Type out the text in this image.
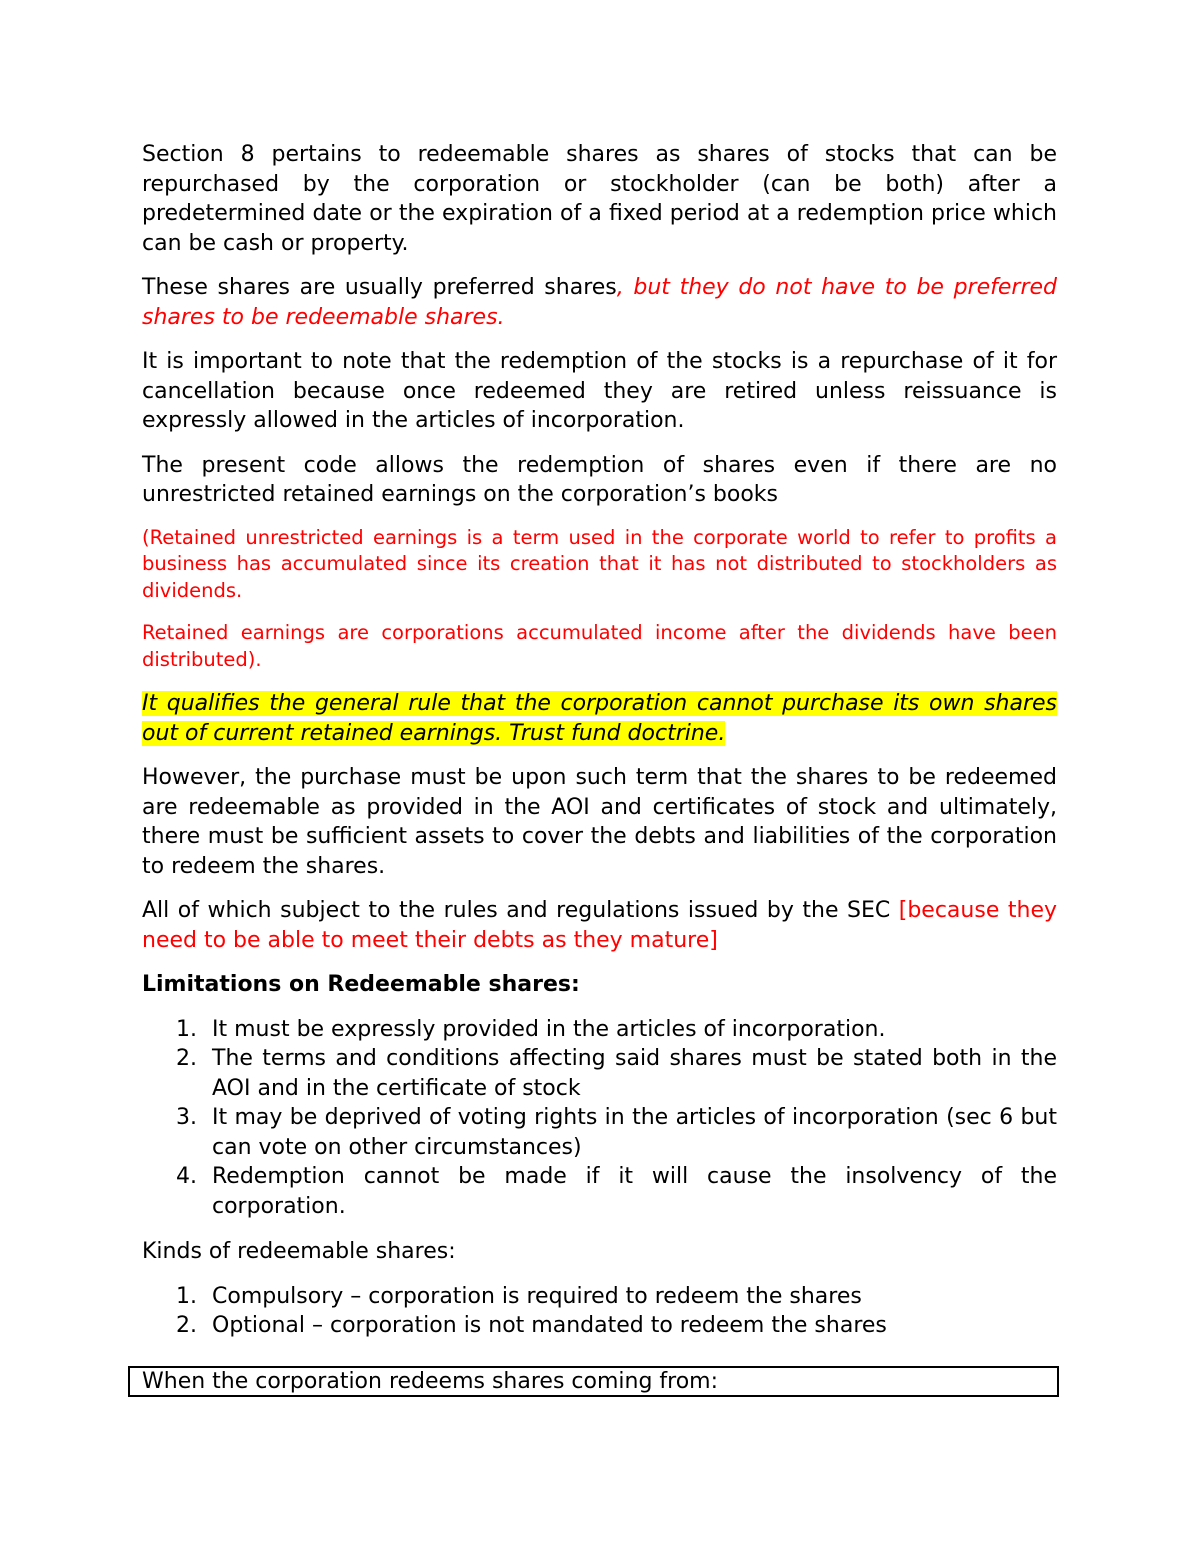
Section 8 pertains to redeemable shares as shares of stocks that can be repurchased by the corporation or stockholder (can be both) after a predetermined date or the expiration of a fixed period at a redemption price which can be cash or property.

These shares are usually preferred shares, but they do not have to be preferred shares to be redeemable shares.

It is important to note that the redemption of the stocks is a repurchase of it for cancellation because once redeemed they are retired unless reissuance is expressly allowed in the articles of incorporation.

The present code allows the redemption of shares even if there are no unrestricted retained earnings on the corporation’s books

(Retained unrestricted earnings is a term used in the corporate world to refer to profits a business has accumulated since its creation that it has not distributed to stockholders as dividends.

Retained earnings are corporations accumulated income after the dividends have been distributed).

It qualifies the general rule that the corporation cannot purchase its own shares out of current retained earnings. Trust fund doctrine.

However, the purchase must be upon such term that the shares to be redeemed are redeemable as provided in the AOI and certificates of stock and ultimately, there must be sufficient assets to cover the debts and liabilities of the corporation to redeem the shares.

All of which subject to the rules and regulations issued by the SEC [because they need to be able to meet their debts as they mature]

Limitations on Redeemable shares:

1. It must be expressly provided in the articles of incorporation.
2. The terms and conditions affecting said shares must be stated both in the AOI and in the certificate of stock
3. It may be deprived of voting rights in the articles of incorporation (sec 6 but can vote on other circumstances)
4. Redemption cannot be made if it will cause the insolvency of the corporation.

Kinds of redeemable shares:

1. Compulsory – corporation is required to redeem the shares
2. Optional – corporation is not mandated to redeem the shares
When the corporation redeems shares coming from:
